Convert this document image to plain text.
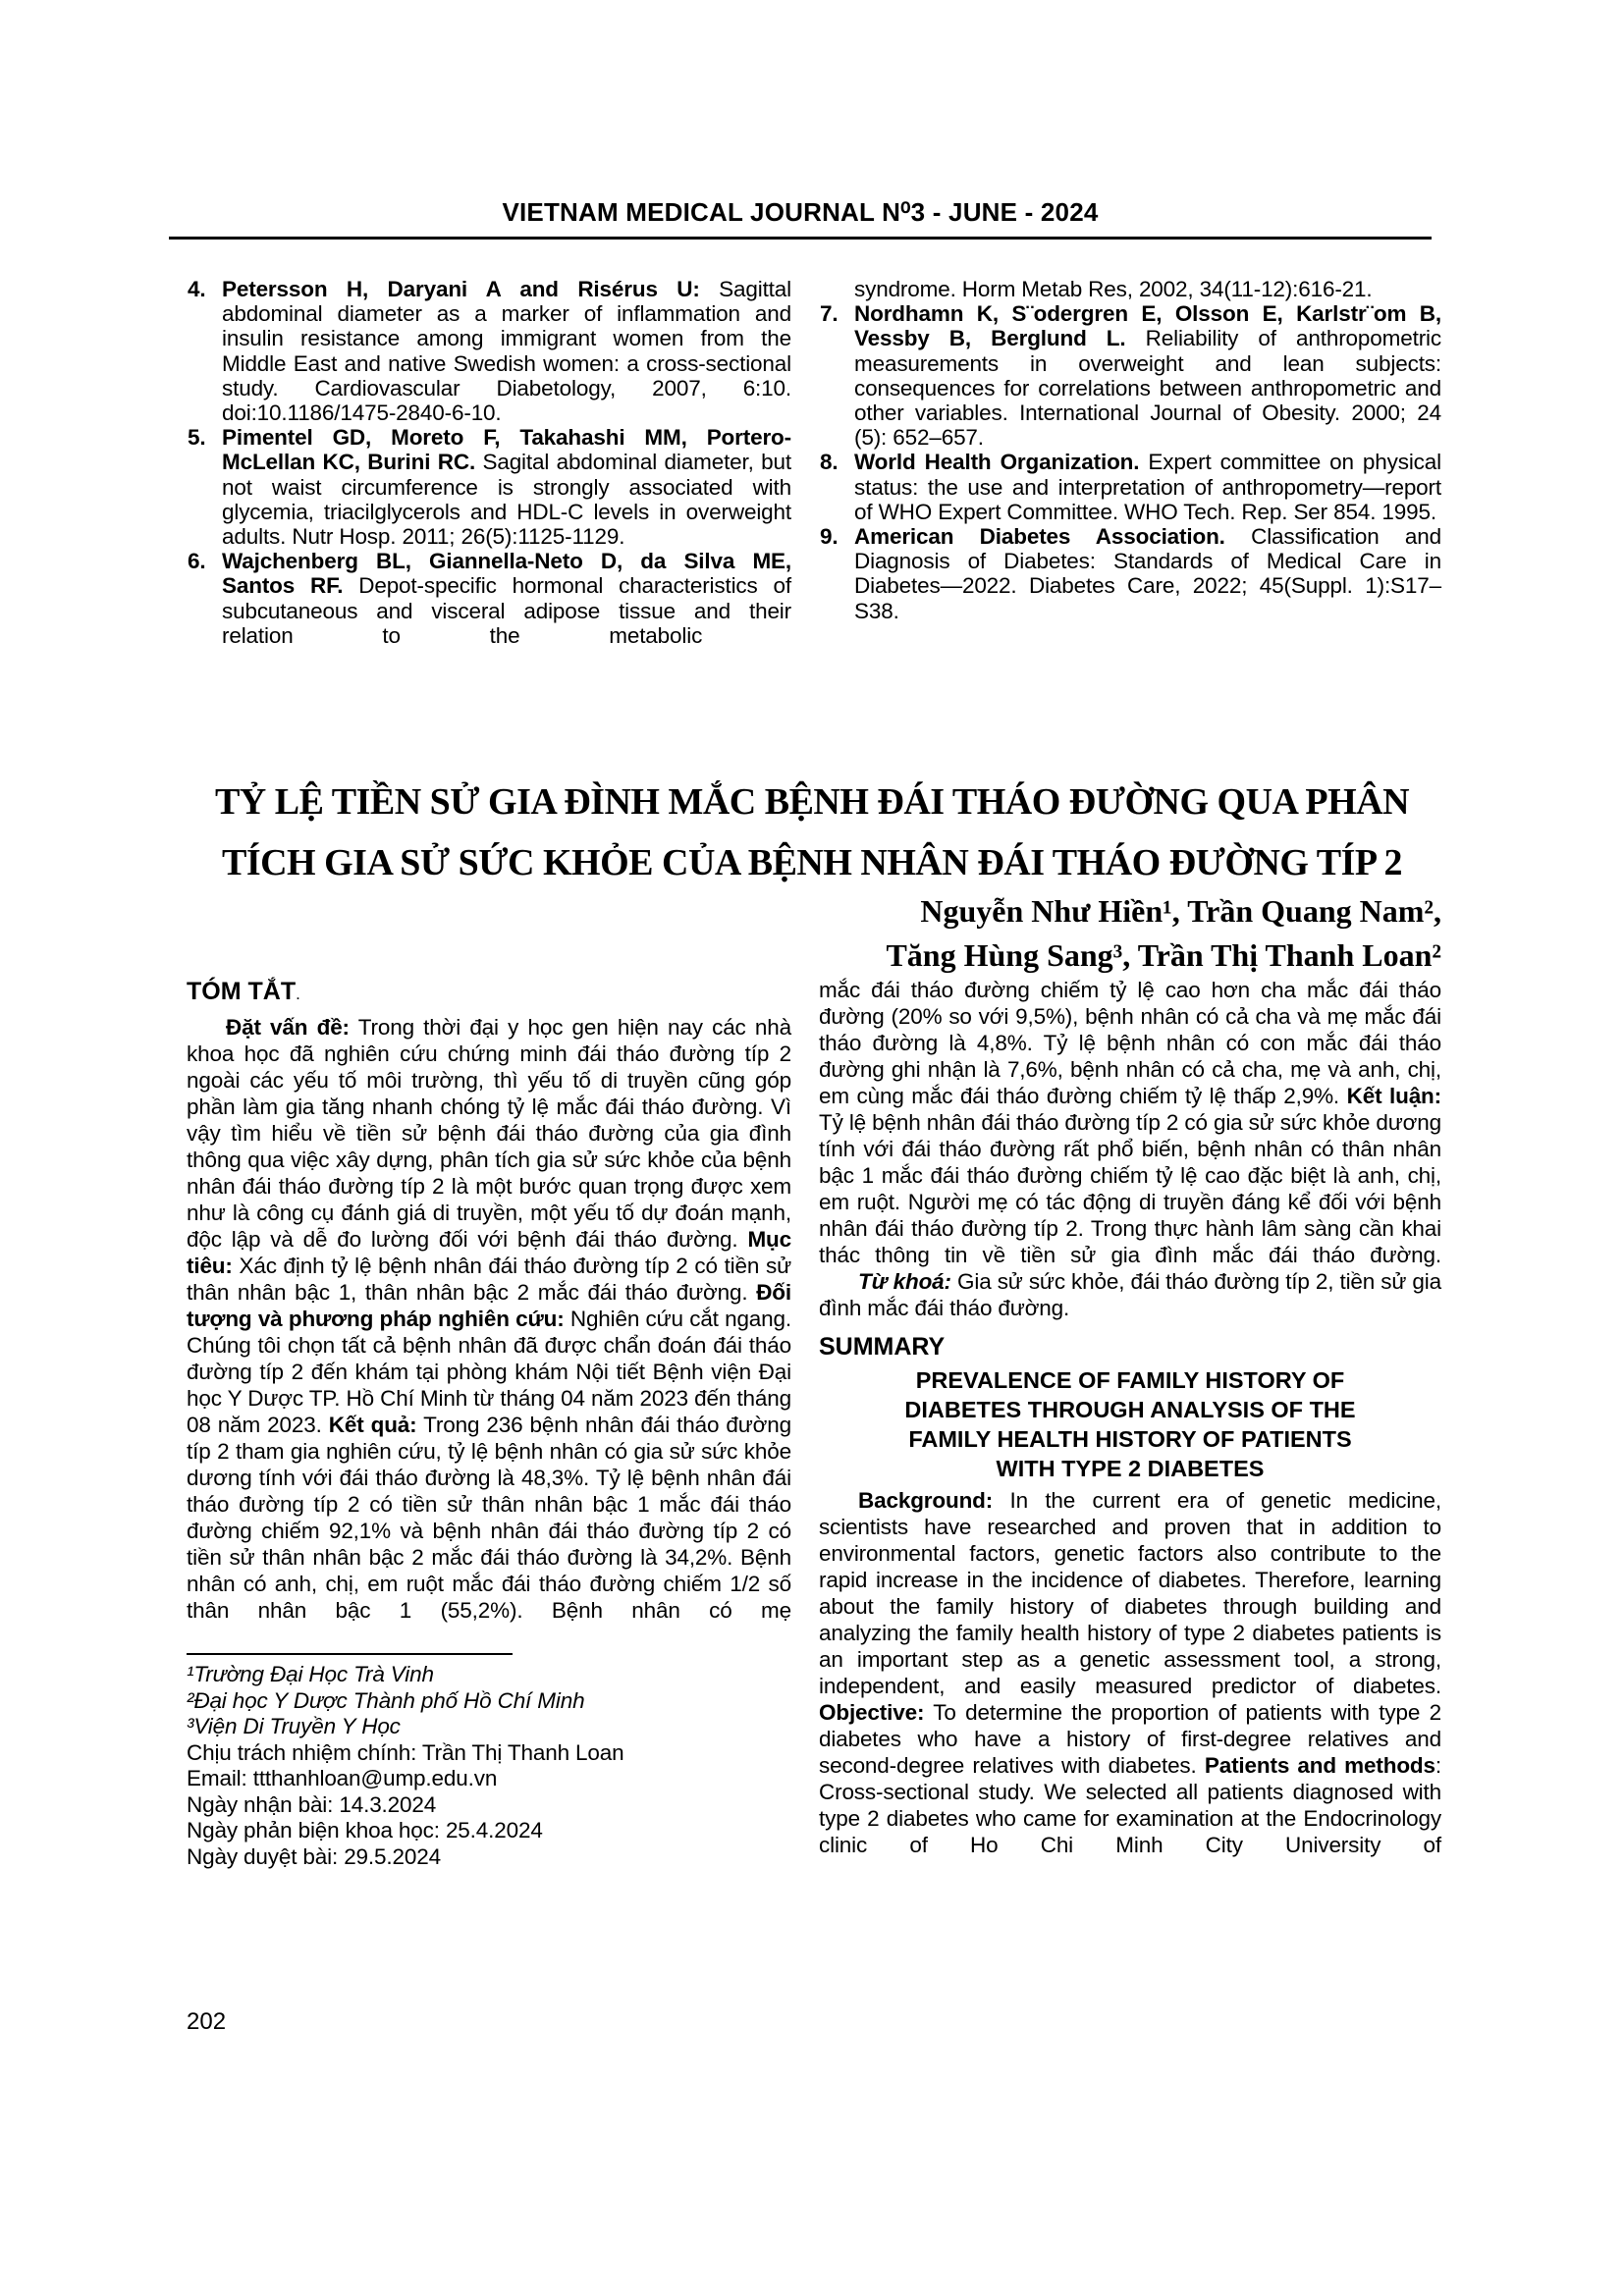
VIETNAM MEDICAL JOURNAL N⁰3 - JUNE - 2024
4. Petersson H, Daryani A and Risérus U: Sagittal abdominal diameter as a marker of inflammation and insulin resistance among immigrant women from the Middle East and native Swedish women: a cross-sectional study. Cardiovascular Diabetology, 2007, 6:10. doi:10.1186/1475-2840-6-10.
5. Pimentel GD, Moreto F, Takahashi MM, Portero-McLellan KC, Burini RC. Sagital abdominal diameter, but not waist circumference is strongly associated with glycemia, triacilglycerols and HDL-C levels in overweight adults. Nutr Hosp. 2011; 26(5):1125-1129.
6. Wajchenberg BL, Giannella-Neto D, da Silva ME, Santos RF. Depot-specific hormonal characteristics of subcutaneous and visceral adipose tissue and their relation to the metabolic
syndrome. Horm Metab Res, 2002, 34(11-12):616-21.
7. Nordhamn K, S¨odergren E, Olsson E, Karlstr¨om B, Vessby B, Berglund L. Reliability of anthropometric measurements in overweight and lean subjects: consequences for correlations between anthropometric and other variables. International Journal of Obesity. 2000; 24 (5): 652–657.
8. World Health Organization. Expert committee on physical status: the use and interpretation of anthropometry—report of WHO Expert Committee. WHO Tech. Rep. Ser 854. 1995.
9. American Diabetes Association. Classification and Diagnosis of Diabetes: Standards of Medical Care in Diabetes—2022. Diabetes Care, 2022; 45(Suppl. 1):S17–S38.
TỶ LỆ TIỀN SỬ GIA ĐÌNH MẮC BỆNH ĐÁI THÁO ĐƯỜNG QUA PHÂN
TÍCH GIA SỬ SỨC KHỎE CỦA BỆNH NHÂN ĐÁI THÁO ĐƯỜNG TÍP 2
Nguyễn Như Hiền¹, Trần Quang Nam²,
Tăng Hùng Sang³, Trần Thị Thanh Loan²
TÓM TẮT.

Đặt vấn đề: Trong thời đại y học gen hiện nay các nhà khoa học đã nghiên cứu chứng minh đái tháo đường típ 2 ngoài các yếu tố môi trường, thì yếu tố di truyền cũng góp phần làm gia tăng nhanh chóng tỷ lệ mắc đái tháo đường. Vì vậy tìm hiểu về tiền sử bệnh đái tháo đường của gia đình thông qua việc xây dựng, phân tích gia sử sức khỏe của bệnh nhân đái tháo đường típ 2 là một bước quan trọng được xem như là công cụ đánh giá di truyền, một yếu tố dự đoán mạnh, độc lập và dễ đo lường đối với bệnh đái tháo đường. Mục tiêu: Xác định tỷ lệ bệnh nhân đái tháo đường típ 2 có tiền sử thân nhân bậc 1, thân nhân bậc 2 mắc đái tháo đường. Đối tượng và phương pháp nghiên cứu: Nghiên cứu cắt ngang. Chúng tôi chọn tất cả bệnh nhân đã được chẩn đoán đái tháo đường típ 2 đến khám tại phòng khám Nội tiết Bệnh viện Đại học Y Dược TP. Hồ Chí Minh từ tháng 04 năm 2023 đến tháng 08 năm 2023. Kết quả: Trong 236 bệnh nhân đái tháo đường típ 2 tham gia nghiên cứu, tỷ lệ bệnh nhân có gia sử sức khỏe dương tính với đái tháo đường là 48,3%. Tỷ lệ bệnh nhân đái tháo đường típ 2 có tiền sử thân nhân bậc 1 mắc đái tháo đường chiếm 92,1% và bệnh nhân đái tháo đường típ 2 có tiền sử thân nhân bậc 2 mắc đái tháo đường là 34,2%. Bệnh nhân có anh, chị, em ruột mắc đái tháo đường chiếm 1/2 số thân nhân bậc 1 (55,2%). Bệnh nhân có mẹ

¹Trường Đại Học Trà Vinh
²Đại học Y Dược Thành phố Hồ Chí Minh
³Viện Di Truyền Y Học
Chịu trách nhiệm chính: Trần Thị Thanh Loan
Email: ttthanhloan@ump.edu.vn
Ngày nhận bài: 14.3.2024
Ngày phản biện khoa học: 25.4.2024
Ngày duyệt bài: 29.5.2024

mắc đái tháo đường chiếm tỷ lệ cao hơn cha mắc đái tháo đường (20% so với 9,5%), bệnh nhân có cả cha và mẹ mắc đái tháo đường là 4,8%. Tỷ lệ bệnh nhân có con mắc đái tháo đường ghi nhận là 7,6%, bệnh nhân có cả cha, mẹ và anh, chị, em cùng mắc đái tháo đường chiếm tỷ lệ thấp 2,9%. Kết luận: Tỷ lệ bệnh nhân đái tháo đường típ 2 có gia sử sức khỏe dương tính với đái tháo đường rất phổ biến, bệnh nhân có thân nhân bậc 1 mắc đái tháo đường chiếm tỷ lệ cao đặc biệt là anh, chị, em ruột. Người mẹ có tác động di truyền đáng kể đối với bệnh nhân đái tháo đường típ 2. Trong thực hành lâm sàng cần khai thác thông tin về tiền sử gia đình mắc đái tháo đường.

Từ khoá: Gia sử sức khỏe, đái tháo đường típ 2, tiền sử gia đình mắc đái tháo đường.

SUMMARY
PREVALENCE OF FAMILY HISTORY OF
DIABETES THROUGH ANALYSIS OF THE
FAMILY HEALTH HISTORY OF PATIENTS
WITH TYPE 2 DIABETES

Background: In the current era of genetic medicine, scientists have researched and proven that in addition to environmental factors, genetic factors also contribute to the rapid increase in the incidence of diabetes. Therefore, learning about the family history of diabetes through building and analyzing the family health history of type 2 diabetes patients is an important step as a genetic assessment tool, a strong, independent, and easily measured predictor of diabetes. Objective: To determine the proportion of patients with type 2 diabetes who have a history of first-degree relatives and second-degree relatives with diabetes. Patients and methods: Cross-sectional study. We selected all patients diagnosed with type 2 diabetes who came for examination at the Endocrinology clinic of Ho Chi Minh City University of

202
